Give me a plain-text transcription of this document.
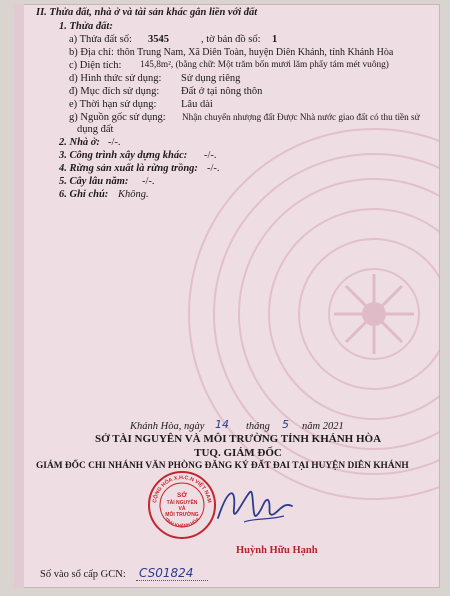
II. Thửa đất, nhà ở và tài sản khác gắn liền với đất
1. Thửa đất:
a) Thửa đất số: 3545	, tờ bản đồ số: 1
b) Địa chỉ: thôn Trung Nam, Xã Diên Toàn, huyện Diên Khánh, tỉnh Khánh Hòa
c) Diện tích: 145,8m², (bằng chữ: Một trăm bốn mươi lăm phẩy tám mét vuông)
d) Hình thức sử dụng: Sử dụng riêng
đ) Mục đích sử dụng: Đất ở tại nông thôn
e) Thời hạn sử dụng: Lâu dài
g) Nguồn gốc sử dụng: Nhận chuyển nhượng đất Được Nhà nước giao đất có thu tiền sử
dụng đất
2. Nhà ở: -/-.
3. Công trình xây dựng khác: -/-.
4. Rừng sản xuất là rừng trồng: -/-.
5. Cây lâu năm: -/-.
6. Ghi chú: Không.
Khánh Hòa, ngày 14 tháng 5 năm 2021
SỞ TÀI NGUYÊN VÀ MÔI TRƯỜNG TỈNH KHÁNH HÒA
TUQ. GIÁM ĐỐC
GIÁM ĐỐC CHI NHÁNH VĂN PHÒNG ĐĂNG KÝ ĐẤT ĐAI TẠI HUYỆN DIÊN KHÁNH
CỘNG HÒA X.H.C.N VIỆT NAM
TỈNH KHÁNH HÒA
SỞ
TÀI NGUYÊN
VÀ
MÔI TRƯỜNG
Huỳnh Hữu Hạnh
Số vào sổ cấp GCN: CS01824
